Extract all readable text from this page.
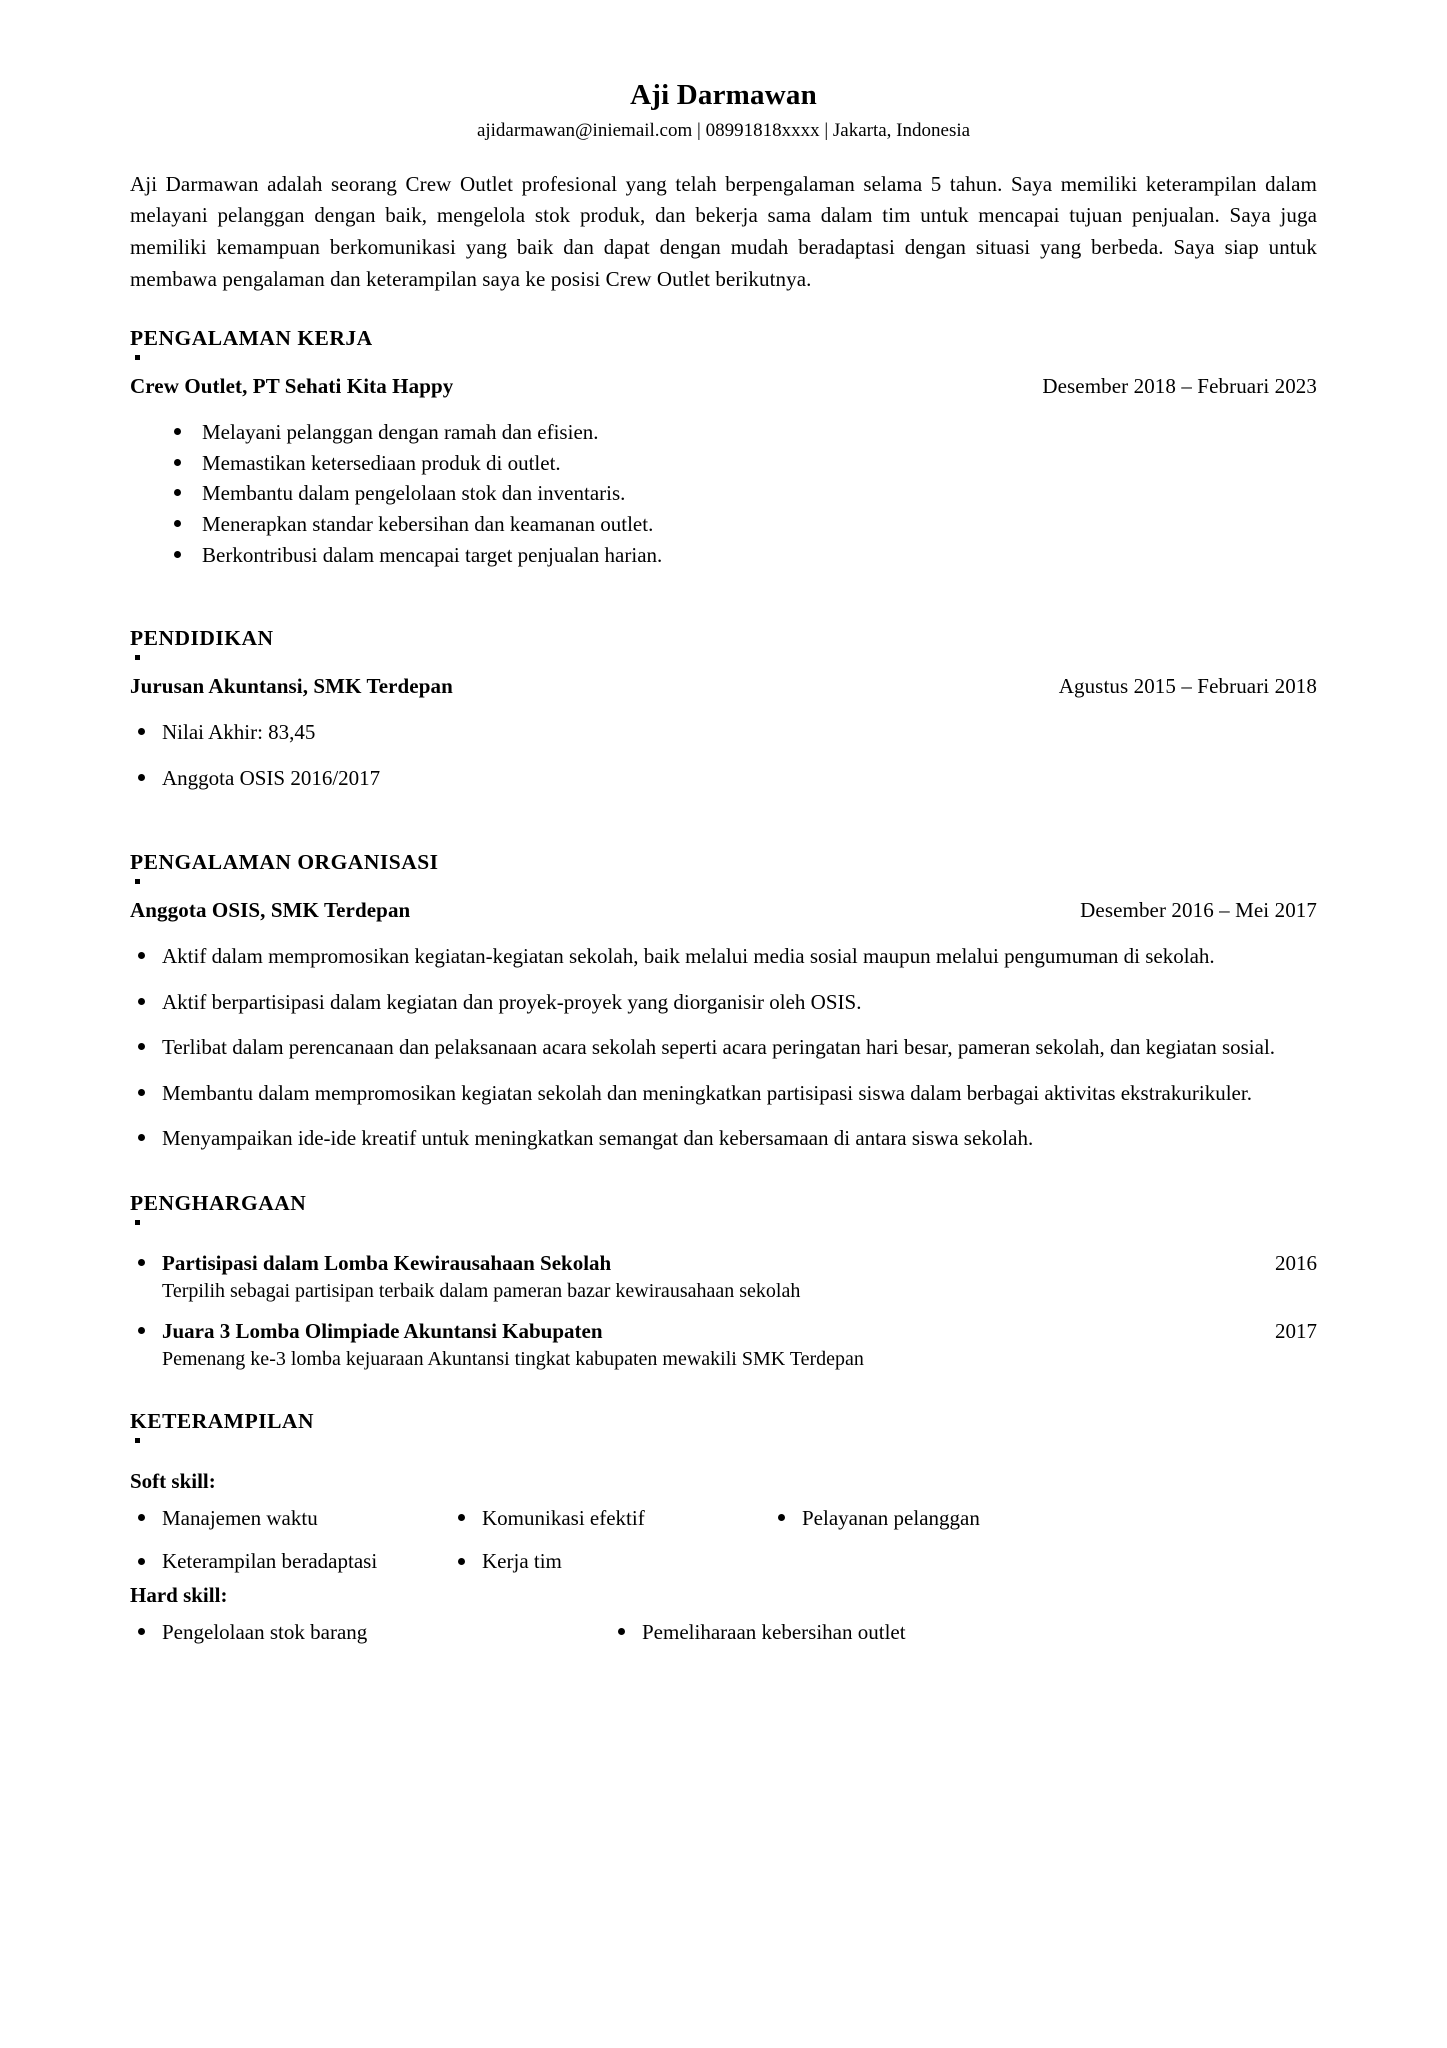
Aji Darmawan
ajidarmawan@iniemail.com | 08991818xxxx | Jakarta, Indonesia

Aji Darmawan adalah seorang Crew Outlet profesional yang telah berpengalaman selama 5 tahun. Saya memiliki keterampilan dalam melayani pelanggan dengan baik, mengelola stok produk, dan bekerja sama dalam tim untuk mencapai tujuan penjualan. Saya juga memiliki kemampuan berkomunikasi yang baik dan dapat dengan mudah beradaptasi dengan situasi yang berbeda. Saya siap untuk membawa pengalaman dan keterampilan saya ke posisi Crew Outlet berikutnya.

PENGALAMAN KERJA
Crew Outlet, PT Sehati Kita Happy	Desember 2018 – Februari 2023
Melayani pelanggan dengan ramah dan efisien.
Memastikan ketersediaan produk di outlet.
Membantu dalam pengelolaan stok dan inventaris.
Menerapkan standar kebersihan dan keamanan outlet.
Berkontribusi dalam mencapai target penjualan harian.
PENDIDIKAN
Jurusan Akuntansi, SMK Terdepan	Agustus 2015 – Februari 2018
Nilai Akhir: 83,45
Anggota OSIS 2016/2017
PENGALAMAN ORGANISASI
Anggota OSIS, SMK Terdepan	Desember 2016 – Mei 2017
Aktif dalam mempromosikan kegiatan-kegiatan sekolah, baik melalui media sosial maupun melalui pengumuman di sekolah.
Aktif berpartisipasi dalam kegiatan dan proyek-proyek yang diorganisir oleh OSIS.
Terlibat dalam perencanaan dan pelaksanaan acara sekolah seperti acara peringatan hari besar, pameran sekolah, dan kegiatan sosial.
Membantu dalam mempromosikan kegiatan sekolah dan meningkatkan partisipasi siswa dalam berbagai aktivitas ekstrakurikuler.
Menyampaikan ide-ide kreatif untuk meningkatkan semangat dan kebersamaan di antara siswa sekolah.
PENGHARGAAN
Partisipasi dalam Lomba Kewirausahaan Sekolah	2016
Terpilih sebagai partisipan terbaik dalam pameran bazar kewirausahaan sekolah
Juara 3 Lomba Olimpiade Akuntansi Kabupaten	2017
Pemenang ke-3 lomba kejuaraan Akuntansi tingkat kabupaten mewakili SMK Terdepan
KETERAMPILAN
Soft skill:
Manajemen waktu	Komunikasi efektif	Pelayanan pelanggan
Keterampilan beradaptasi	Kerja tim
Hard skill:
Pengelolaan stok barang	Pemeliharaan kebersihan outlet
